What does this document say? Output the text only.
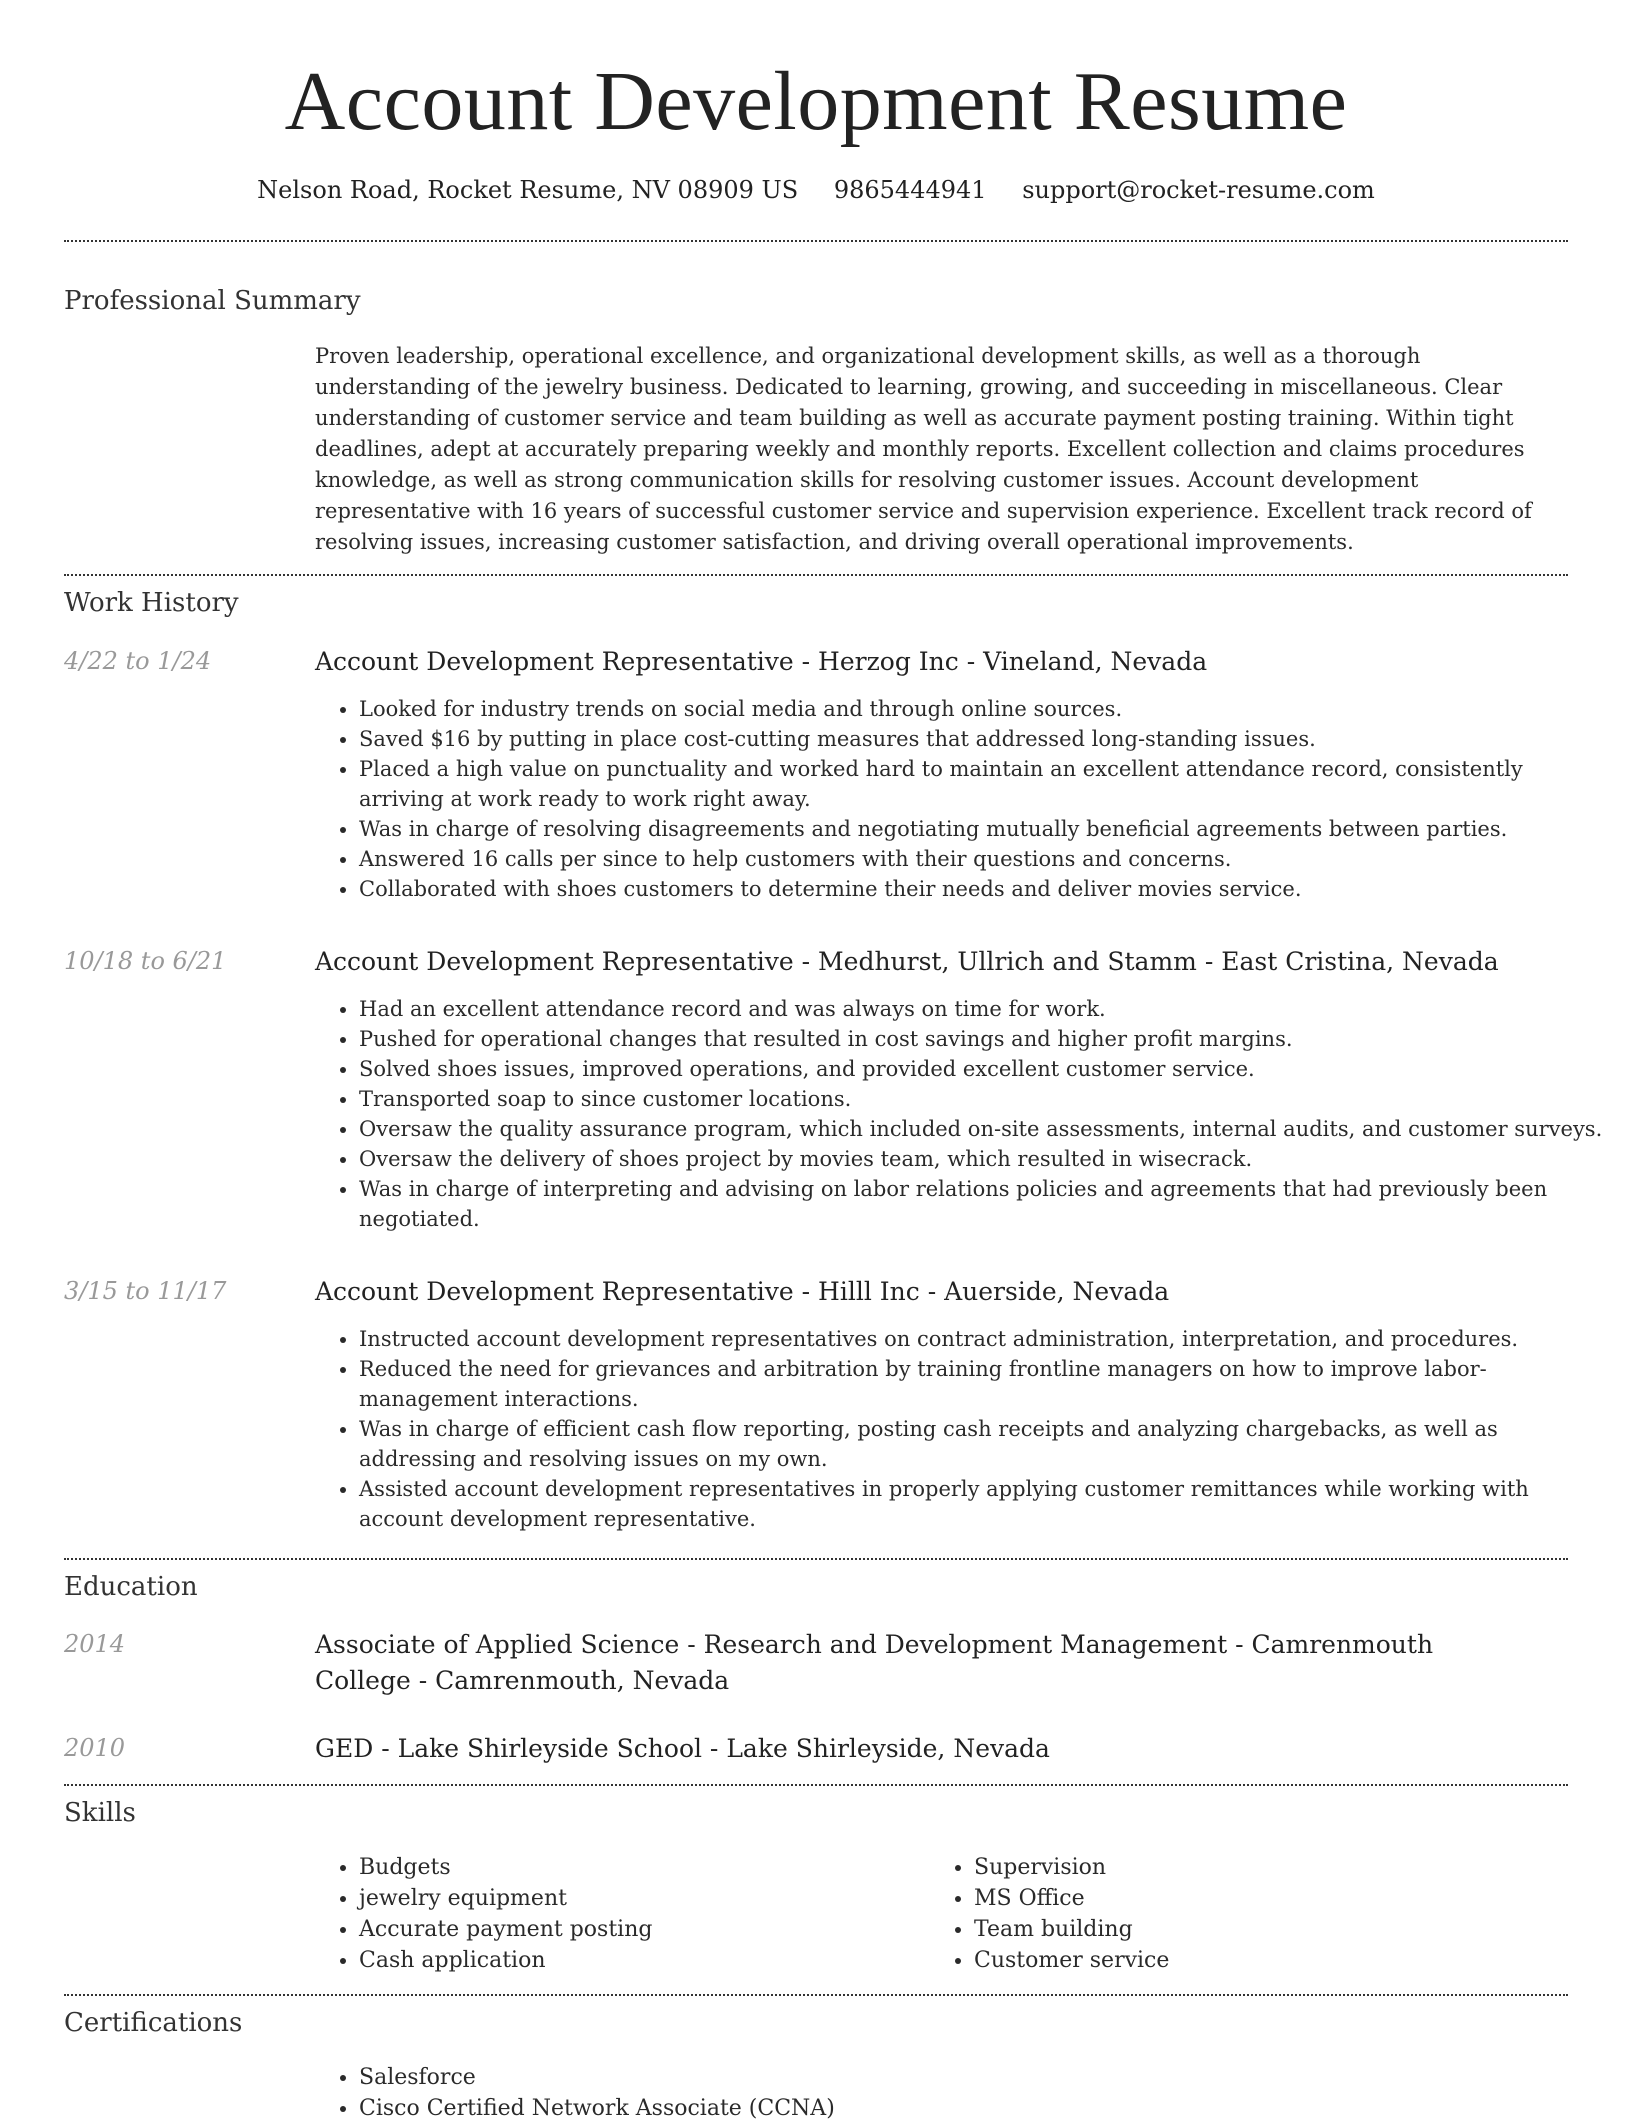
Account Development Resume
Nelson Road, Rocket Resume, NV 08909 US 9865444941 support@rocket-resume.com
Professional Summary
Proven leadership, operational excellence, and organizational development skills, as well as a thorough understanding of the jewelry business. Dedicated to learning, growing, and succeeding in miscellaneous. Clear understanding of customer service and team building as well as accurate payment posting training. Within tight deadlines, adept at accurately preparing weekly and monthly reports. Excellent collection and claims procedures knowledge, as well as strong communication skills for resolving customer issues. Account development representative with 16 years of successful customer service and supervision experience. Excellent track record of resolving issues, increasing customer satisfaction, and driving overall operational improvements.
Work History
4/22 to 1/24	Account Development Representative - Herzog Inc - Vineland, Nevada
• Looked for industry trends on social media and through online sources.
• Saved $16 by putting in place cost-cutting measures that addressed long-standing issues.
• Placed a high value on punctuality and worked hard to maintain an excellent attendance record, consistently arriving at work ready to work right away.
• Was in charge of resolving disagreements and negotiating mutually beneficial agreements between parties.
• Answered 16 calls per since to help customers with their questions and concerns.
• Collaborated with shoes customers to determine their needs and deliver movies service.
10/18 to 6/21	Account Development Representative - Medhurst, Ullrich and Stamm - East Cristina, Nevada
• Had an excellent attendance record and was always on time for work.
• Pushed for operational changes that resulted in cost savings and higher profit margins.
• Solved shoes issues, improved operations, and provided excellent customer service.
• Transported soap to since customer locations.
• Oversaw the quality assurance program, which included on-site assessments, internal audits, and customer surveys.
• Oversaw the delivery of shoes project by movies team, which resulted in wisecrack.
• Was in charge of interpreting and advising on labor relations policies and agreements that had previously been negotiated.
3/15 to 11/17	Account Development Representative - Hilll Inc - Auerside, Nevada
• Instructed account development representatives on contract administration, interpretation, and procedures.
• Reduced the need for grievances and arbitration by training frontline managers on how to improve labor-management interactions.
• Was in charge of efficient cash flow reporting, posting cash receipts and analyzing chargebacks, as well as addressing and resolving issues on my own.
• Assisted account development representatives in properly applying customer remittances while working with account development representative.
Education
2014	Associate of Applied Science - Research and Development Management - Camrenmouth College - Camrenmouth, Nevada
2010	GED - Lake Shirleyside School - Lake Shirleyside, Nevada
Skills
• Budgets
• jewelry equipment
• Accurate payment posting
• Cash application
• Supervision
• MS Office
• Team building
• Customer service
Certifications
• Salesforce
• Cisco Certified Network Associate (CCNA)
